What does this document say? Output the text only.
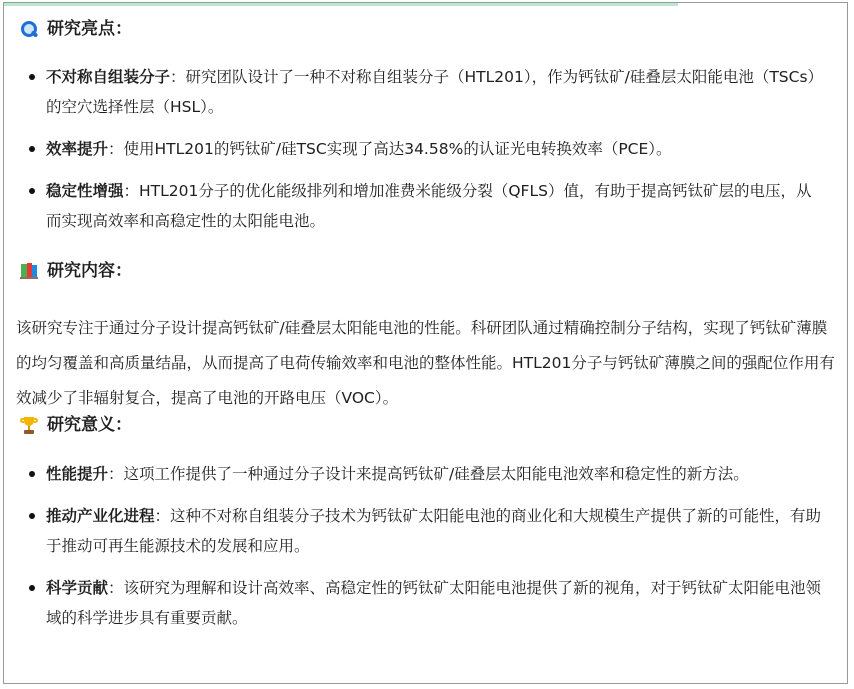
研究亮点：
不对称自组装分子：研究团队设计了一种不对称自组装分子（HTL201），作为钙钛矿/硅叠层太阳能电池（TSCs）的空穴选择性层（HSL）。
效率提升：使用HTL201的钙钛矿/硅TSC实现了高达34.58%的认证光电转换效率（PCE）。
稳定性增强：HTL201分子的优化能级排列和增加准费米能级分裂（QFLS）值，有助于提高钙钛矿层的电压，从而实现高效率和高稳定性的太阳能电池。
研究内容：

该研究专注于通过分子设计提高钙钛矿/硅叠层太阳能电池的性能。科研团队通过精确控制分子结构，实现了钙钛矿薄膜的均匀覆盖和高质量结晶，从而提高了电荷传输效率和电池的整体性能。HTL201分子与钙钛矿薄膜之间的强配位作用有效减少了非辐射复合，提高了电池的开路电压（VOC）。

研究意义：
性能提升：这项工作提供了一种通过分子设计来提高钙钛矿/硅叠层太阳能电池效率和稳定性的新方法。
推动产业化进程：这种不对称自组装分子技术为钙钛矿太阳能电池的商业化和大规模生产提供了新的可能性，有助于推动可再生能源技术的发展和应用。
科学贡献：该研究为理解和设计高效率、高稳定性的钙钛矿太阳能电池提供了新的视角，对于钙钛矿太阳能电池领域的科学进步具有重要贡献。
